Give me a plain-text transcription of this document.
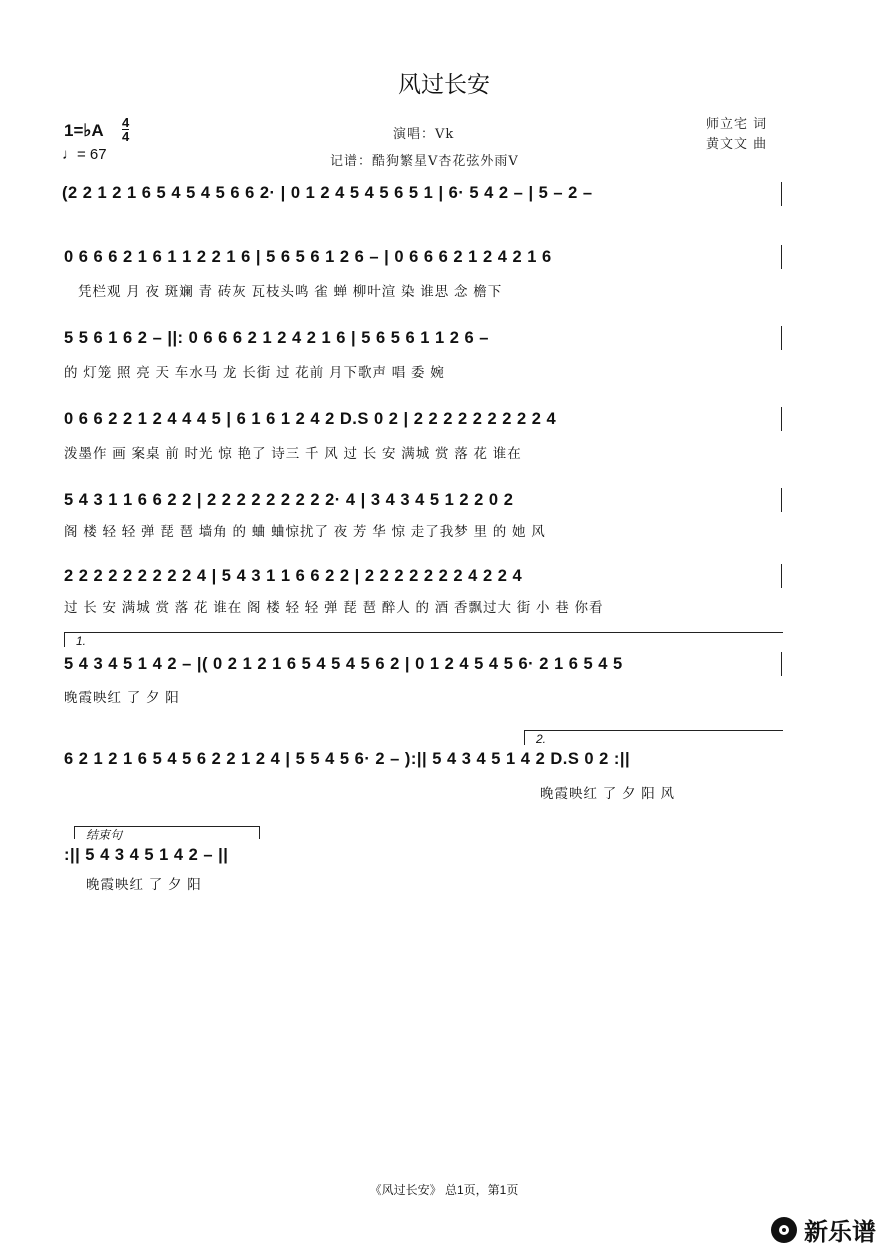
风过长安
1=♭A 4
4
♩= 67
演唱：Vk
记谱：酷狗繁星V杏花弦外雨V
师立宅 词
黄文文 曲
(2 2 1 2 1 6 5 4 5 4 5 6 6 2· | 0 1 2 4 5 4 5 6 5 1 | 6· 5 4 2 – | 5 – 2 –
0 6 6 6 2 1 6 1 1 2 2 1 6 | 5 6 5 6 1 2 6 – | 0 6 6 6 2 1 2 4 2 1 6
凭栏观 月 夜 斑斓 青 砖灰 瓦枝头鸣 雀 蝉 柳叶渲 染 谁思 念 檐下
5 5 6 1 6 2 – ||: 0 6 6 6 2 1 2 4 2 1 6 | 5 6 5 6 1 1 2 6 –
的 灯笼 照 亮 天 车水马 龙 长街 过 花前 月下歌声 唱 委 婉
0 6 6 2 2 1 2 4 4 4 5 | 6 1 6 1 2 4 2 D.S 0 2 | 2 2 2 2 2 2 2 2 2 4
泼墨作 画 案桌 前 时光 惊 艳了 诗三 千 风 过 长 安 满城 赏 落 花 谁在
5 4 3 1 1 6 6 2 2 | 2 2 2 2 2 2 2 2 2· 4 | 3 4 3 4 5 1 2 2 0 2
阁 楼 轻 轻 弹 琵 琶 墙角 的 蛐 蛐惊扰了 夜 芳 华 惊 走了我梦 里 的 她 风
2 2 2 2 2 2 2 2 2 4 | 5 4 3 1 1 6 6 2 2 | 2 2 2 2 2 2 2 4 2 2 4
过 长 安 满城 赏 落 花 谁在 阁 楼 轻 轻 弹 琵 琶 醉人 的 酒 香飘过大 街 小 巷 你看
1.
5 4 3 4 5 1 4 2 – |( 0 2 1 2 1 6 5 4 5 4 5 6 2 | 0 1 2 4 5 4 5 6· 2 1 6 5 4 5
晚霞映红 了 夕 阳
2.
6 2 1 2 1 6 5 4 5 6 2 2 1 2 4 | 5 5 4 5 6· 2 – ):|| 5 4 3 4 5 1 4 2 D.S 0 2 :||
晚霞映红 了 夕 阳 风
结束句
:|| 5 4 3 4 5 1 4 2 – ||
晚霞映红 了 夕 阳
《风过长安》 总1页，第1页
新乐谱
